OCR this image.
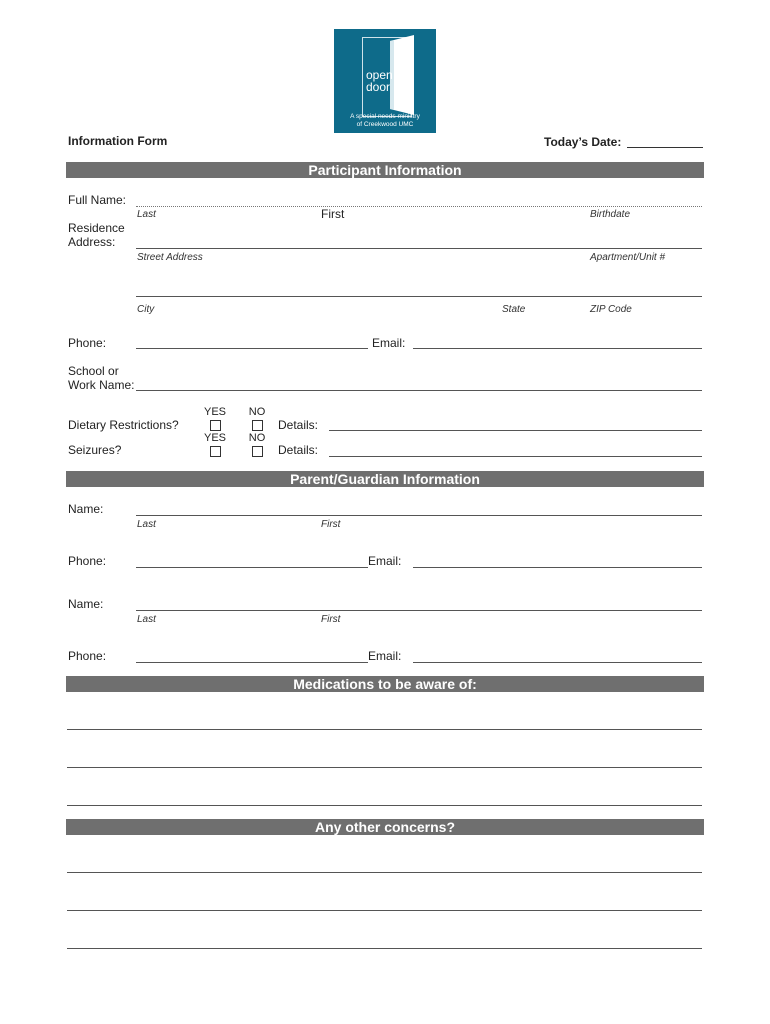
open
door
A special needs ministry
of Creekwood UMC
Information Form	Today’s Date:
Participant Information
Full Name:
Last	First	Birthdate
Residence
Address:
Street Address	Apartment/Unit #
City	State	ZIP Code
Phone:	Email:
School or
Work Name:
YES	NO
Dietary Restrictions?	Details:
YES	NO
Seizures?	Details:
Parent/Guardian Information
Name:
Last	First
Phone:	Email:
Name:
Last	First
Phone:	Email:
Medications to be aware of:
Any other concerns?
